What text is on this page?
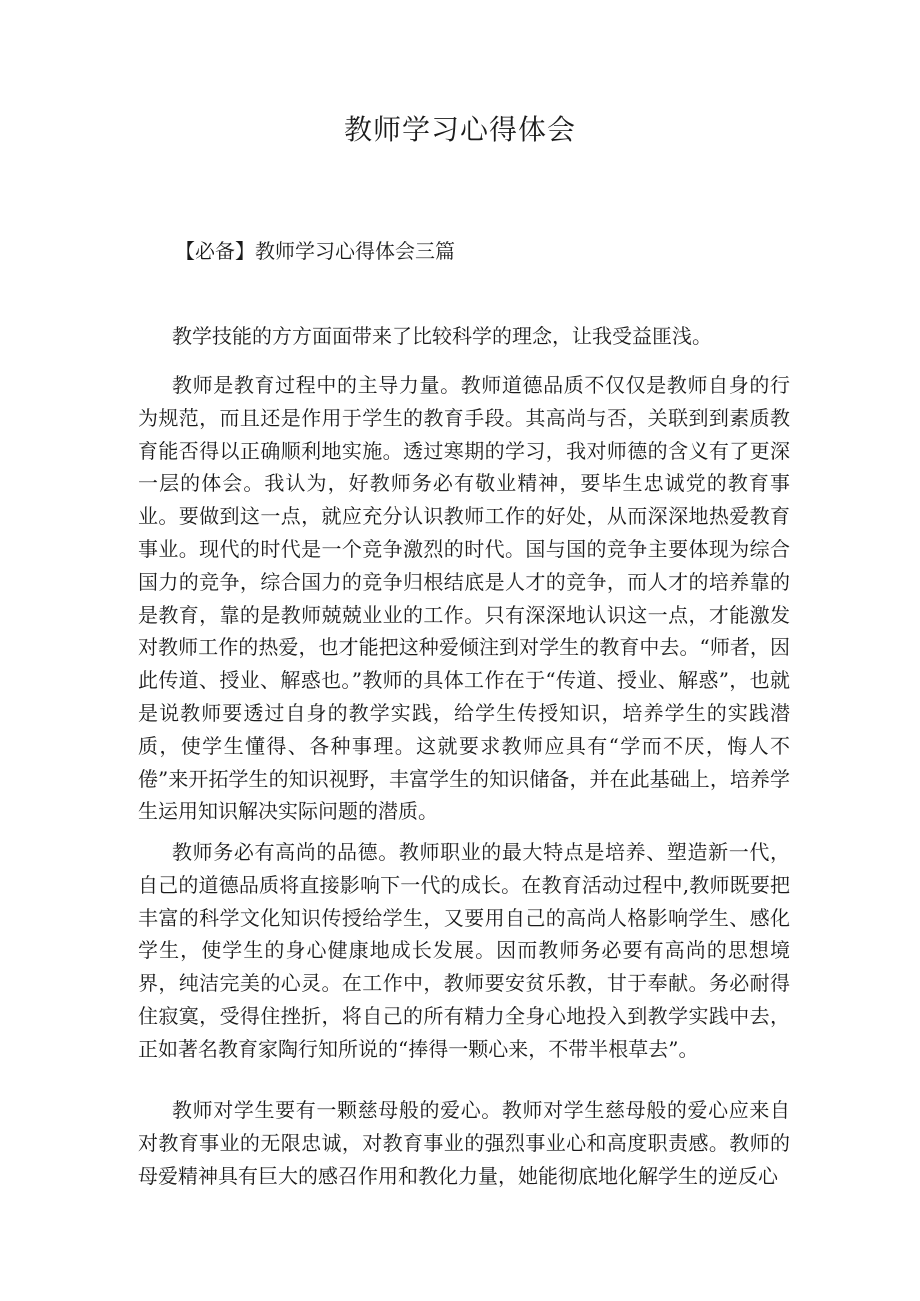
教师学习心得体会
【必备】教师学习心得体会三篇

教学技能的方方面面带来了比较科学的理念，让我受益匪浅。

教师是教育过程中的主导力量。教师道德品质不仅仅是教师自身的行为规范，而且还是作用于学生的教育手段。其高尚与否，关联到到素质教育能否得以正确顺利地实施。透过寒期的学习，我对师德的含义有了更深一层的体会。我认为，好教师务必有敬业精神，要毕生忠诚党的教育事业。要做到这一点，就应充分认识教师工作的好处，从而深深地热爱教育事业。现代的时代是一个竞争激烈的时代。国与国的竞争主要体现为综合国力的竞争，综合国力的竞争归根结底是人才的竞争，而人才的培养靠的是教育，靠的是教师兢兢业业的工作。只有深深地认识这一点，才能激发对教师工作的热爱，也才能把这种爱倾注到对学生的教育中去。“师者，因此传道、授业、解惑也。”教师的具体工作在于“传道、授业、解惑”，也就是说教师要透过自身的教学实践，给学生传授知识，培养学生的实践潜质，使学生懂得、各种事理。这就要求教师应具有“学而不厌，悔人不倦”来开拓学生的知识视野，丰富学生的知识储备，并在此基础上，培养学生运用知识解决实际问题的潜质。

教师务必有高尚的品德。教师职业的最大特点是培养、塑造新一代，自己的道德品质将直接影响下一代的成长。在教育活动过程中,教师既要把丰富的科学文化知识传授给学生，又要用自己的高尚人格影响学生、感化学生，使学生的身心健康地成长发展。因而教师务必要有高尚的思想境界，纯洁完美的心灵。在工作中，教师要安贫乐教，甘于奉献。务必耐得住寂寞，受得住挫折，将自己的所有精力全身心地投入到教学实践中去，正如著名教育家陶行知所说的“捧得一颗心来，不带半根草去”。

教师对学生要有一颗慈母般的爱心。教师对学生慈母般的爱心应来自对教育事业的无限忠诚，对教育事业的强烈事业心和高度职责感。教师的母爱精神具有巨大的感召作用和教化力量，她能彻底地化解学生的逆反心
